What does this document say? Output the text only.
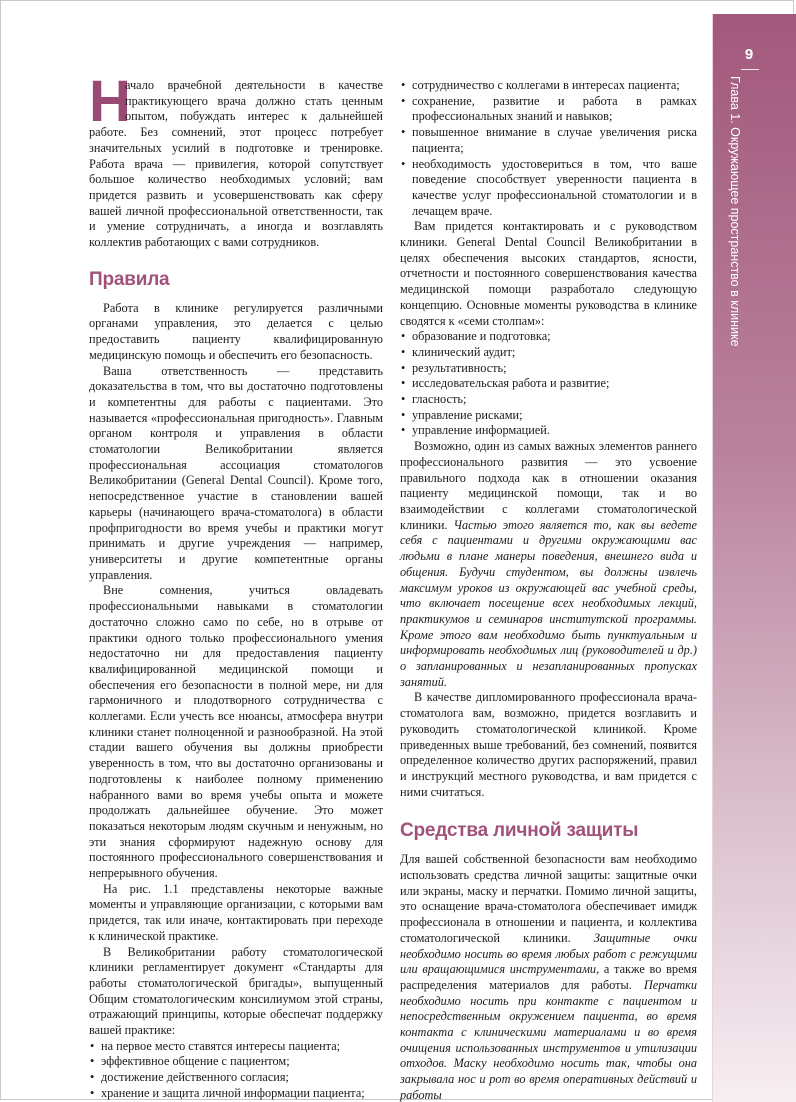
9
Глава 1. Окружающее пространство в клинике
Н
ачало врачебной деятельности в качестве практикующего врача должно стать ценным опытом, побуждать интерес к дальнейшей работе. Без сомнений, этот процесс потребует значительных усилий в подготовке и тренировке. Работа врача — привилегия, которой сопутствует большое количество необходимых условий; вам придется развить и усовершенствовать как сферу вашей личной профессиональной ответственности, так и умение сотрудничать, а иногда и возглавлять коллектив работающих с вами сотрудников.
Правила

Работа в клинике регулируется различными органами управления, это делается с целью предоставить пациенту квалифицированную медицинскую помощь и обеспечить его безопасность.

Ваша ответственность — представить доказательства в том, что вы достаточно подготовлены и компетентны для работы с пациентами. Это называется «профессиональная пригодность». Главным органом контроля и управления в области стоматологии Великобритании является профессиональная ассоциация стоматологов Великобритании (General Dental Council). Кроме того, непосредственное участие в становлении вашей карьеры (начинающего врача-стоматолога) в области профпригодности во время учебы и практики могут принимать и другие учреждения — например, университеты и другие компетентные органы управления.

Вне сомнения, учиться овладевать профессиональными навыками в стоматологии достаточно сложно само по себе, но в отрыве от практики одного только профессионального умения недостаточно ни для предоставления пациенту квалифицированной медицинской помощи и обеспечения его безопасности в полной мере, ни для гармоничного и плодотворного сотрудничества с коллегами. Если учесть все нюансы, атмосфера внутри клиники станет полноценной и разнообразной. На этой стадии вашего обучения вы должны приобрести уверенность в том, что вы достаточно организованы и подготовлены к наиболее полному применению набранного вами во время учебы опыта и можете продолжать дальнейшее обучение. Это может показаться некоторым людям скучным и ненужным, но эти знания сформируют надежную основу для постоянного профессионального совершенствования и непрерывного обучения.

На рис. 1.1 представлены некоторые важные моменты и управляющие организации, с которыми вам придется, так или иначе, контактировать при переходе к клинической практике.

В Великобритании работу стоматологической клиники регламентирует документ «Стандарты для работы стоматологической бригады», выпущенный Общим стоматологическим консилиумом этой страны, отражающий принципы, которые обеспечат поддержку вашей практике:

• на первое место ставятся интересы пациента;
• эффективное общение с пациентом;
• достижение действенного согласия;
• хранение и защита личной информации пациента;
• сотрудничество с коллегами в интересах пациента;
• сохранение, развитие и работа в рамках профессиональных знаний и навыков;
• повышенное внимание в случае увеличения риска пациента;
• необходимость удостовериться в том, что ваше поведение способствует уверенности пациента в качестве услуг профессиональной стоматологии и в лечащем враче.

Вам придется контактировать и с руководством клиники. General Dental Council Великобритании в целях обеспечения высоких стандартов, ясности, отчетности и постоянного совершенствования качества медицинской помощи разработало следующую концепцию. Основные моменты руководства в клинике сводятся к «семи столпам»:

• образование и подготовка;
• клинический аудит;
• результативность;
• исследовательская работа и развитие;
• гласность;
• управление рисками;
• управление информацией.

Возможно, один из самых важных элементов раннего профессионального развития — это усвоение правильного подхода как в отношении оказания пациенту медицинской помощи, так и во взаимодействии с коллегами стоматологической клиники. Частью этого является то, как вы ведете себя с пациентами и другими окружающими вас людьми в плане манеры поведения, внешнего вида и общения. Будучи студентом, вы должны извлечь максимум уроков из окружающей вас учебной среды, что включает посещение всех необходимых лекций, практикумов и семинаров институтской программы. Кроме этого вам необходимо быть пунктуальным и информировать необходимых лиц (руководителей и др.) о запланированных и незапланированных пропусках занятий.

В качестве дипломированного профессионала врача-стоматолога вам, возможно, придется возглавить и руководить стоматологической клиникой. Кроме приведенных выше требований, без сомнений, появится определенное количество других распоряжений, правил и инструкций местного руководства, и вам придется с ними считаться.

Средства личной защиты

Для вашей собственной безопасности вам необходимо использовать средства личной защиты: защитные очки или экраны, маску и перчатки. Помимо личной защиты, это оснащение врача-стоматолога обеспечивает имидж профессионала в отношении и пациента, и коллектива стоматологической клиники. Защитные очки необходимо носить во время любых работ с режущими или вращающимися инструментами, а также во время распределения материалов для работы. Перчатки необходимо носить при контакте с пациентом и непосредственным окружением пациента, во время контакта с клиническими материалами и во время очищения использованных инструментов и утилизации отходов. Маску необходимо носить так, чтобы она закрывала нос и рот во время оперативных действий и работы
